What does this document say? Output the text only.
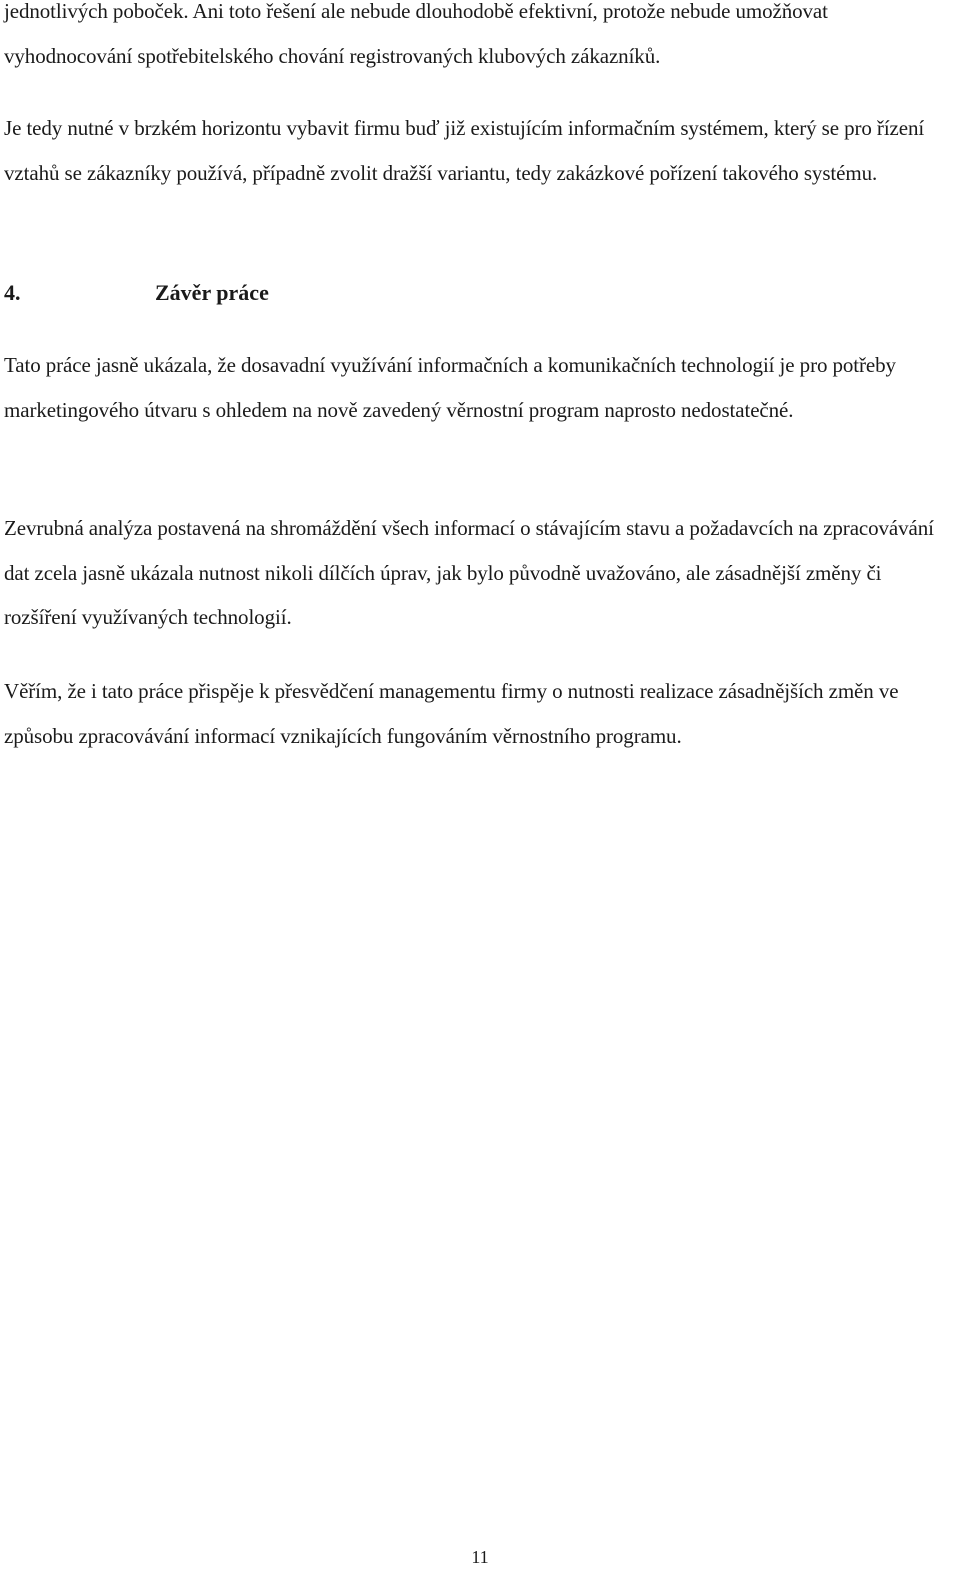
jednotlivých poboček. Ani toto řešení ale nebude dlouhodobě efektivní, protože nebude umožňovat vyhodnocování spotřebitelského chování registrovaných klubových zákazníků.

Je tedy nutné v brzkém horizontu vybavit firmu buď již existujícím informačním systémem, který se pro řízení vztahů se zákazníky používá, případně zvolit dražší variantu, tedy zakázkové pořízení takového systému.

4.	Závěr práce

Tato práce jasně ukázala, že dosavadní využívání informačních a komunikačních technologií je pro potřeby marketingového útvaru s ohledem na nově zavedený věrnostní program naprosto nedostatečné.

Zevrubná analýza postavená na shromáždění všech informací o stávajícím stavu a požadavcích na zpracovávání dat zcela jasně ukázala nutnost nikoli dílčích úprav, jak bylo původně uvažováno, ale zásadnější změny či rozšíření využívaných technologií.

Věřím, že i tato práce přispěje k přesvědčení managementu firmy o nutnosti realizace zásadnějších změn ve způsobu zpracovávání informací vznikajících fungováním věrnostního programu.

11
